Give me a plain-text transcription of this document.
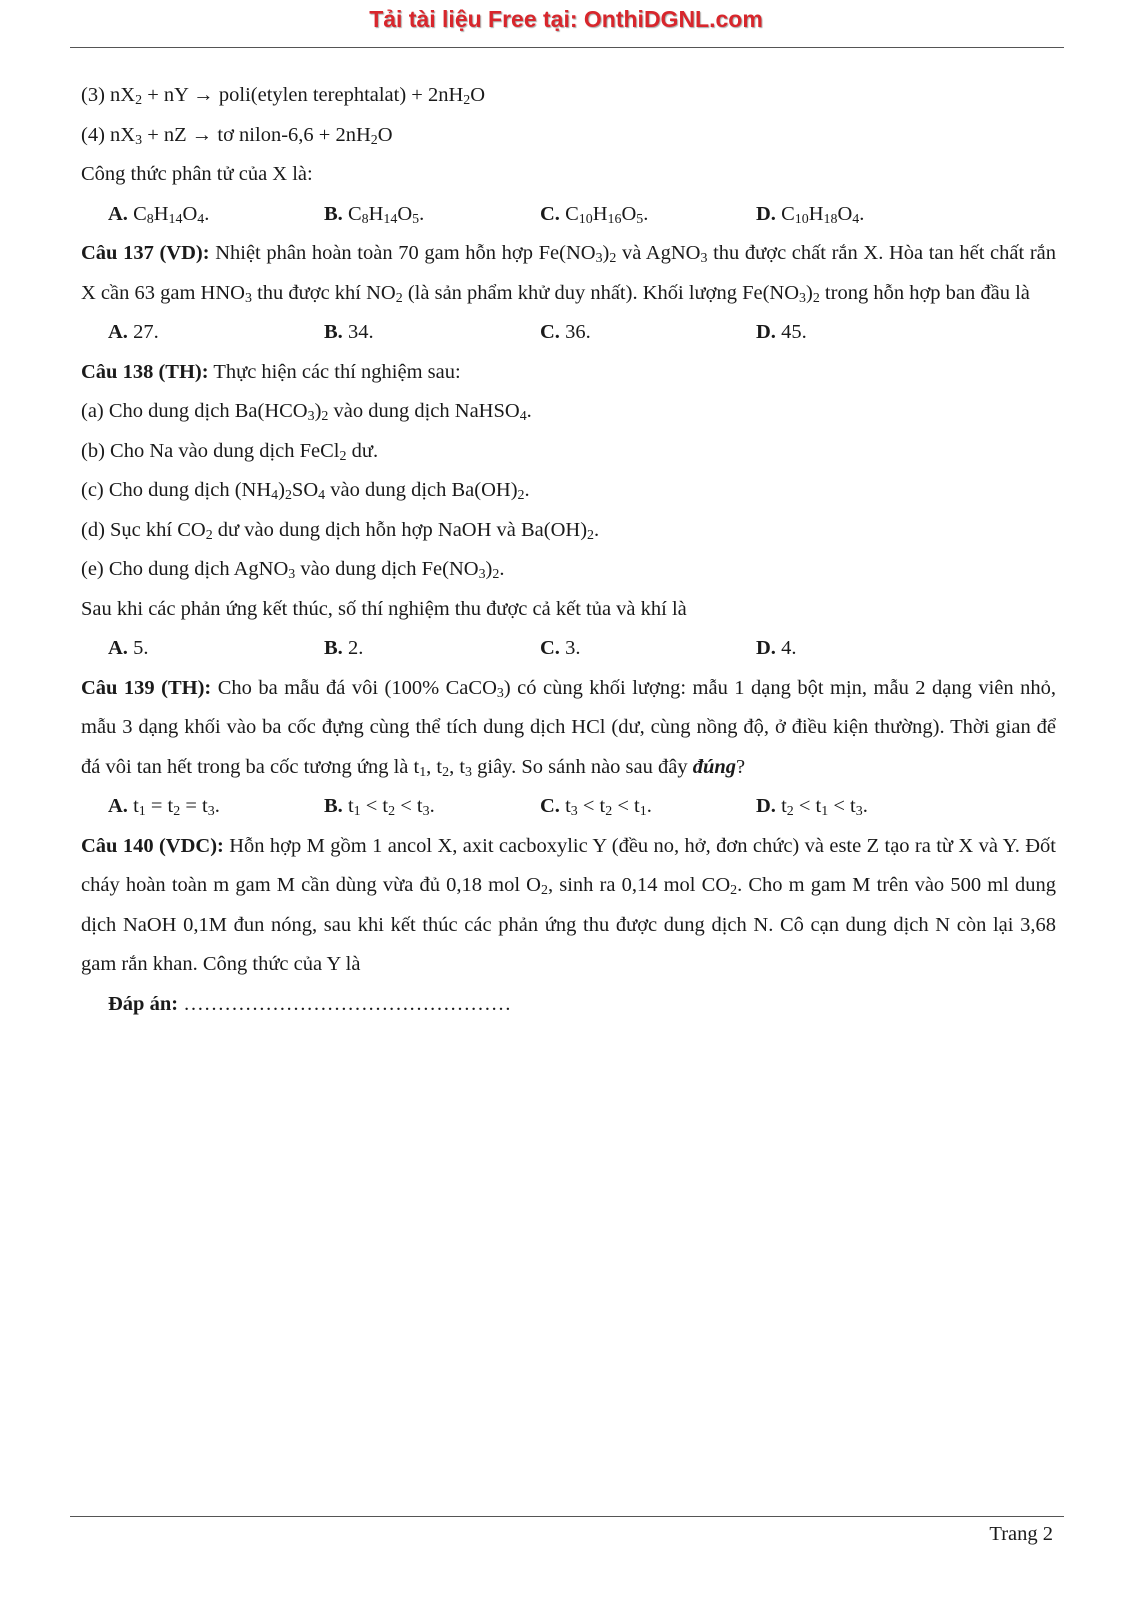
Tải tài liệu Free tại: OnthiDGNL.com
(3) $nX_2$ + nY → poli(etylen terephtalat) + $2nH_2O$
(4) $nX_3$ + nZ → tơ nilon-6,6 + $2nH_2O$
Công thức phân tử của X là:
A. $C_8H_{14}O_4$.	B. $C_8H_{14}O_5$.	C. $C_{10}H_{16}O_5$.	D. $C_{10}H_{18}O_4$.
Câu 137 (VD): Nhiệt phân hoàn toàn 70 gam hỗn hợp $Fe(NO_3)_2$ và AgNO$_3$ thu được chất rắn X. Hòa tan hết chất rắn X cần 63 gam $HNO_3$ thu được khí $NO_2$ (là sản phẩm khử duy nhất). Khối lượng $Fe(NO_3)_2$ trong hỗn hợp ban đầu là
A. 27.	B. 34.	C. 36.	D. 45.
Câu 138 (TH): Thực hiện các thí nghiệm sau:
(a) Cho dung dịch $Ba(HCO_3)_2$ vào dung dịch NaHSO$_4$.
(b) Cho Na vào dung dịch FeCl$_2$ dư.
(c) Cho dung dịch $(NH_4)_2SO_4$ vào dung dịch $Ba(OH)_2$.
(d) Sục khí $CO_2$ dư vào dung dịch hỗn hợp NaOH và $Ba(OH)_2$.
(e) Cho dung dịch AgNO$_3$ vào dung dịch $Fe(NO_3)_2$.
Sau khi các phản ứng kết thúc, số thí nghiệm thu được cả kết tủa và khí là
A. 5.	B. 2.	C. 3.	D. 4.
Câu 139 (TH): Cho ba mẫu đá vôi (100% CaCO$_3$) có cùng khối lượng: mẫu 1 dạng bột mịn, mẫu 2 dạng viên nhỏ, mẫu 3 dạng khối vào ba cốc đựng cùng thể tích dung dịch HCl (dư, cùng nồng độ, ở điều kiện thường). Thời gian để đá vôi tan hết trong ba cốc tương ứng là $t_1$, $t_2$, $t_3$ giây. So sánh nào sau đây đúng?
A. $t_1 = t_2 = t_3$.	B. $t_1 < t_2 < t_3$.	C. $t_3 < t_2 < t_1$.	D. $t_2 < t_1 < t_3$.
Câu 140 (VDC): Hỗn hợp M gồm 1 ancol X, axit cacboxylic Y (đều no, hở, đơn chức) và este Z tạo ra từ X và Y. Đốt cháy hoàn toàn m gam M cần dùng vừa đủ 0,18 mol $O_2$, sinh ra 0,14 mol $CO_2$. Cho m gam M trên vào 500 ml dung dịch NaOH 0,1M đun nóng, sau khi kết thúc các phản ứng thu được dung dịch N. Cô cạn dung dịch N còn lại 3,68 gam rắn khan. Công thức của Y là
Đáp án: …………………………………………
Trang 2
